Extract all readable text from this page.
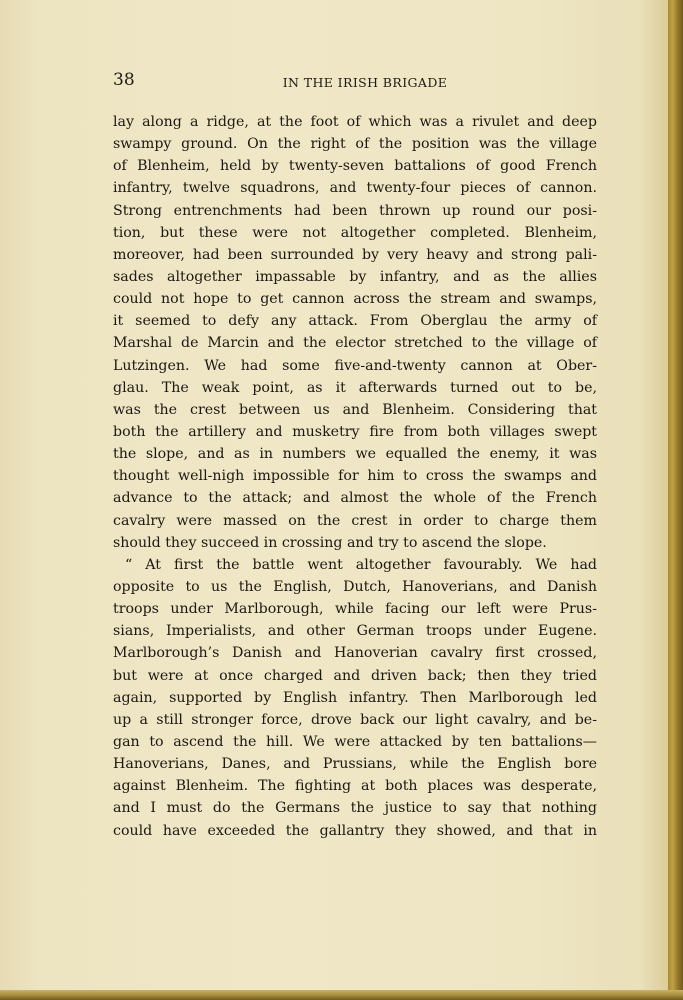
38	IN THE IRISH BRIGADE
lay along a ridge, at the foot of which was a rivulet and deep
swampy ground. On the right of the position was the village
of Blenheim, held by twenty-seven battalions of good French
infantry, twelve squadrons, and twenty-four pieces of cannon.
Strong entrenchments had been thrown up round our posi-
tion, but these were not altogether completed. Blenheim,
moreover, had been surrounded by very heavy and strong pali-
sades altogether impassable by infantry, and as the allies
could not hope to get cannon across the stream and swamps,
it seemed to defy any attack. From Oberglau the army of
Marshal de Marcin and the elector stretched to the village of
Lutzingen. We had some five-and-twenty cannon at Ober-
glau. The weak point, as it afterwards turned out to be,
was the crest between us and Blenheim. Considering that
both the artillery and musketry fire from both villages swept
the slope, and as in numbers we equalled the enemy, it was
thought well-nigh impossible for him to cross the swamps and
advance to the attack; and almost the whole of the French
cavalry were massed on the crest in order to charge them
should they succeed in crossing and try to ascend the slope.
“ At first the battle went altogether favourably. We had
opposite to us the English, Dutch, Hanoverians, and Danish
troops under Marlborough, while facing our left were Prus-
sians, Imperialists, and other German troops under Eugene.
Marlborough’s Danish and Hanoverian cavalry first crossed,
but were at once charged and driven back; then they tried
again, supported by English infantry. Then Marlborough led
up a still stronger force, drove back our light cavalry, and be-
gan to ascend the hill. We were attacked by ten battalions—
Hanoverians, Danes, and Prussians, while the English bore
against Blenheim. The fighting at both places was desperate,
and I must do the Germans the justice to say that nothing
could have exceeded the gallantry they showed, and that in
